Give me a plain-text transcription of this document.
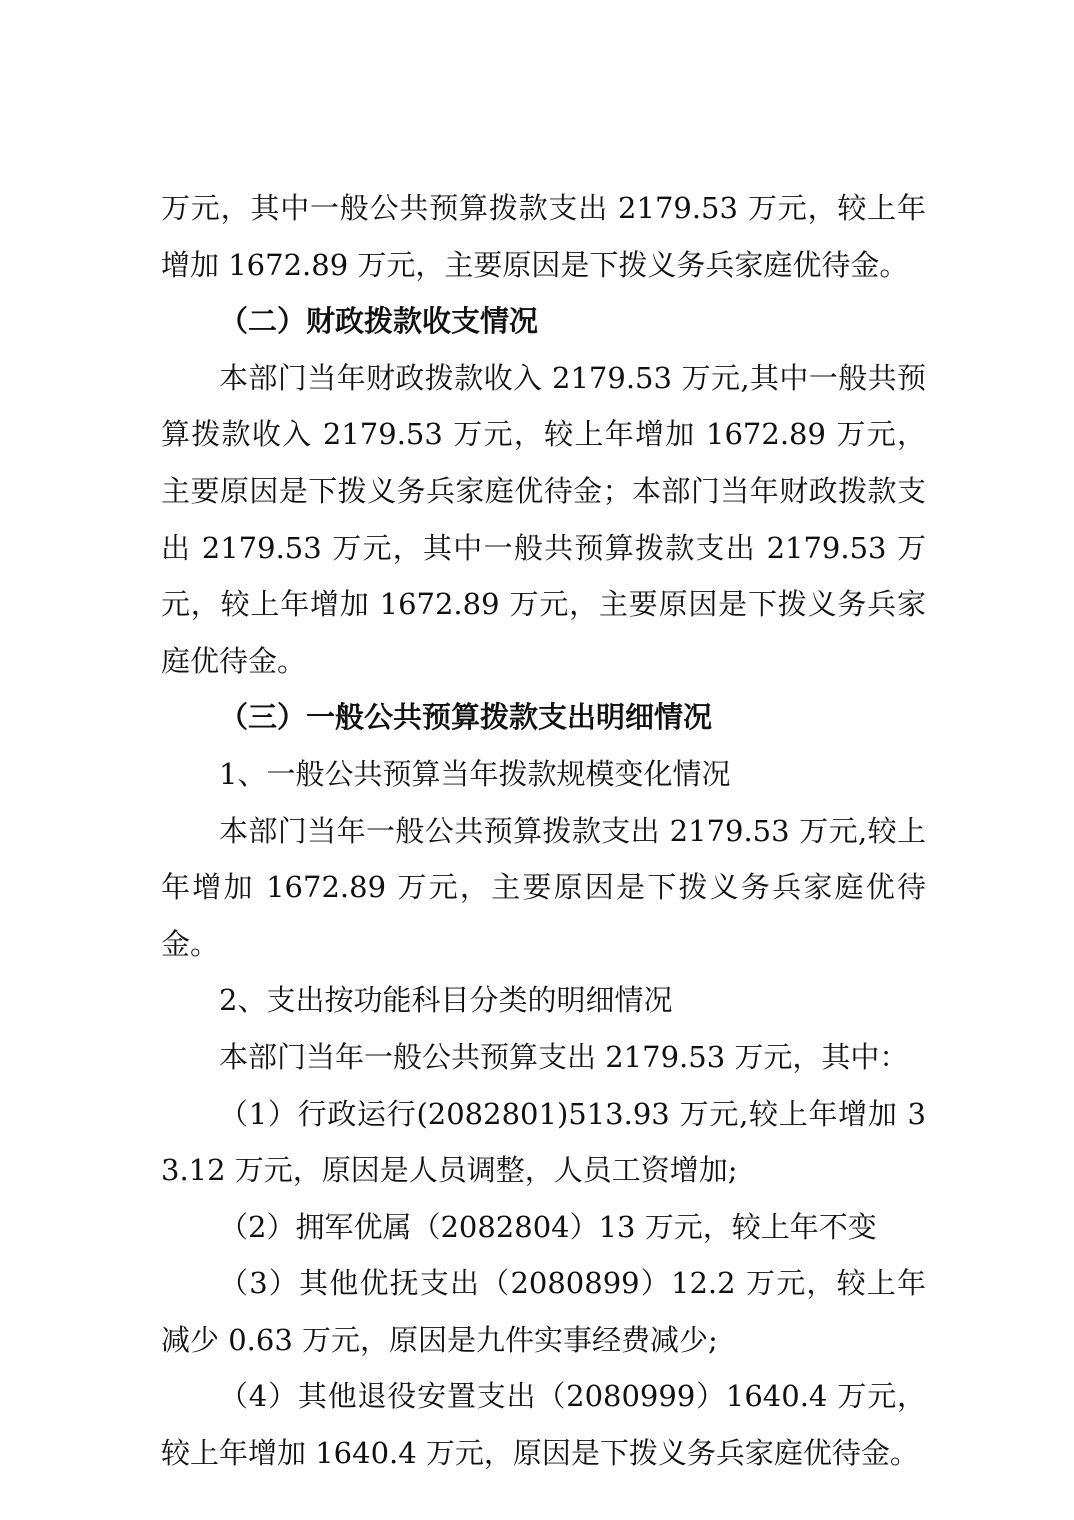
万元，其中一般公共预算拨款支出 2179.53 万元，较上年增加 1672.89 万元，主要原因是下拨义务兵家庭优待金。

（二）财政拨款收支情况

本部门当年财政拨款收入 2179.53 万元,其中一般共预算拨款收入 2179.53 万元，较上年增加 1672.89 万元，主要原因是下拨义务兵家庭优待金；本部门当年财政拨款支出 2179.53 万元，其中一般共预算拨款支出 2179.53 万元，较上年增加 1672.89 万元，主要原因是下拨义务兵家庭优待金。

（三）一般公共预算拨款支出明细情况

1、一般公共预算当年拨款规模变化情况

本部门当年一般公共预算拨款支出 2179.53 万元,较上年增加 1672.89 万元，主要原因是下拨义务兵家庭优待金。

2、支出按功能科目分类的明细情况

本部门当年一般公共预算支出 2179.53 万元，其中：

（1）行政运行(2082801)513.93 万元,较上年增加 33.12 万元，原因是人员调整，人员工资增加;

（2）拥军优属（2082804）13 万元，较上年不变

（3）其他优抚支出（2080899）12.2 万元，较上年减少 0.63 万元，原因是九件实事经费减少;

（4）其他退役安置支出（2080999）1640.4 万元，较上年增加 1640.4 万元，原因是下拨义务兵家庭优待金。
